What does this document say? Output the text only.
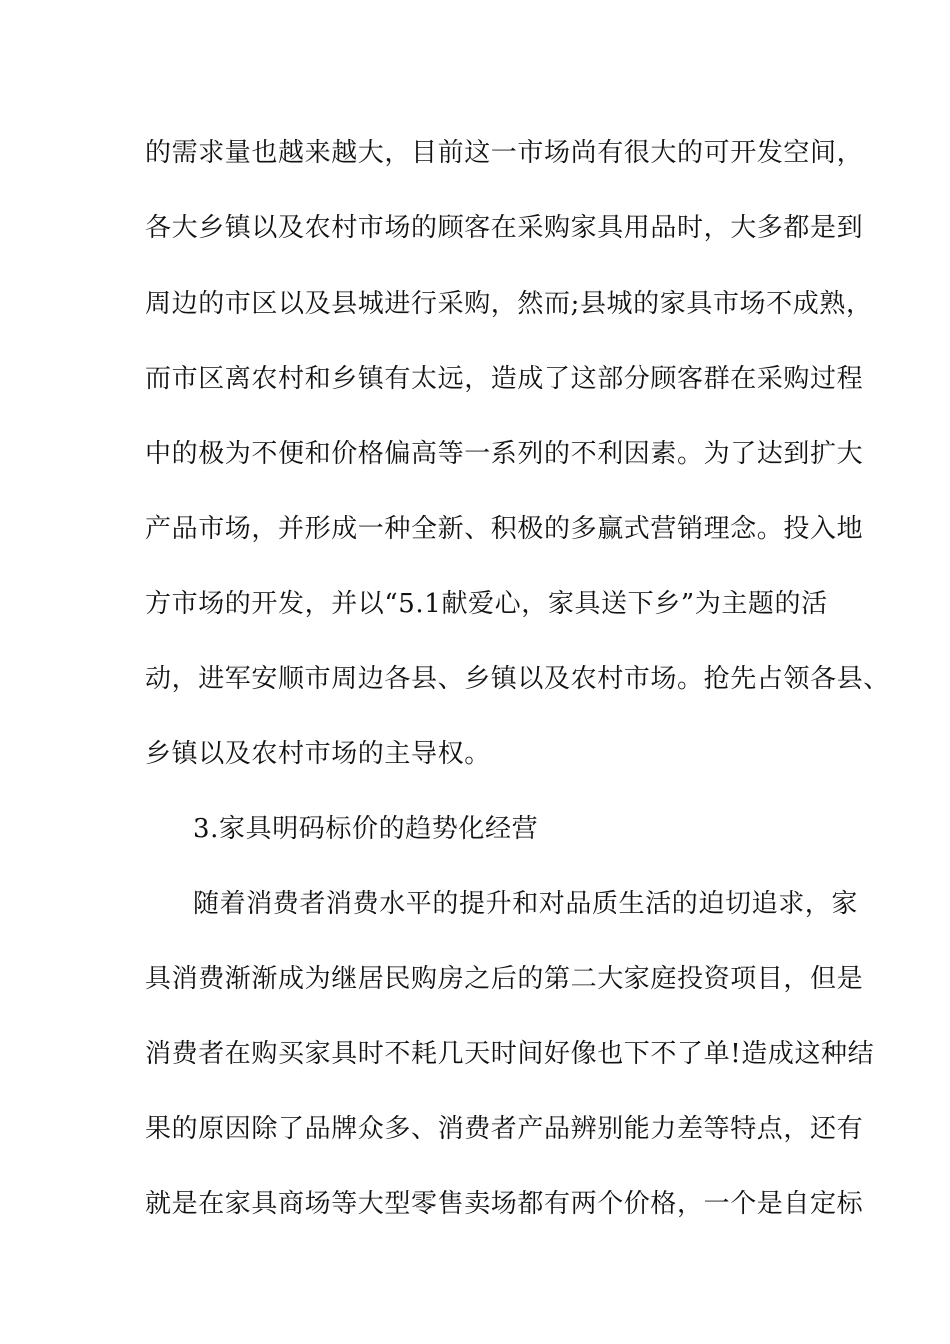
的需求量也越来越大，目前这一市场尚有很大的可开发空间，
各大乡镇以及农村市场的顾客在采购家具用品时，大多都是到
周边的市区以及县城进行采购，然而;县城的家具市场不成熟，
而市区离农村和乡镇有太远，造成了这部分顾客群在采购过程
中的极为不便和价格偏高等一系列的不利因素。为了达到扩大
产品市场，并形成一种全新、积极的多赢式营销理念。投入地
方市场的开发，并以“5.1献爱心，家具送下乡”为主题的活
动，进军安顺市周边各县、乡镇以及农村市场。抢先占领各县、
乡镇以及农村市场的主导权。
3.家具明码标价的趋势化经营
随着消费者消费水平的提升和对品质生活的迫切追求，家
具消费渐渐成为继居民购房之后的第二大家庭投资项目，但是
消费者在购买家具时不耗几天时间好像也下不了单!造成这种结
果的原因除了品牌众多、消费者产品辨别能力差等特点，还有
就是在家具商场等大型零售卖场都有两个价格，一个是自定标
